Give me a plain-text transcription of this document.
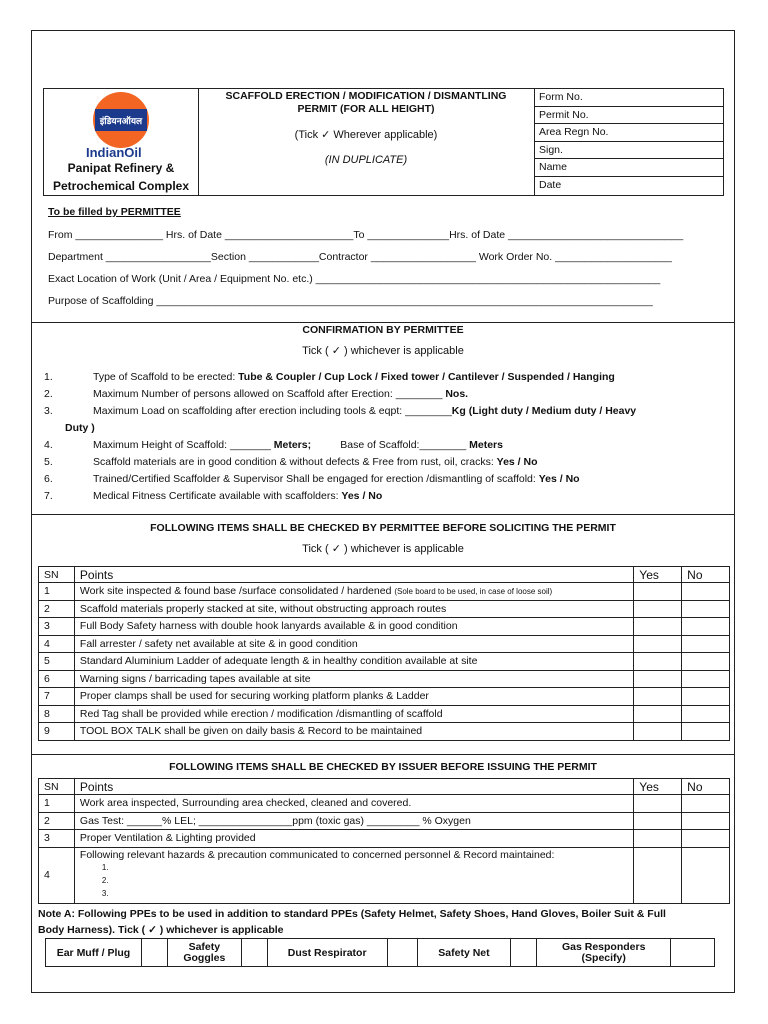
इंडियनऑयल
IndianOil
Panipat Refinery &
Petrochemical Complex
SCAFFOLD ERECTION / MODIFICATION / DISMANTLING
PERMIT (FOR ALL HEIGHT)
(Tick ✓ Wherever applicable)
(IN DUPLICATE)
Form No.
Permit No.
Area Regn No.
Sign.
Name
Date
To be filled by PERMITTEE
From _______________ Hrs. of Date ______________________To ______________Hrs. of Date ______________________________
Department __________________Section ____________Contractor __________________ Work Order No. ____________________
Exact Location of Work (Unit / Area / Equipment No. etc.) ___________________________________________________________
Purpose of Scaffolding _____________________________________________________________________________________
CONFIRMATION BY PERMITTEE
Tick ( ✓ ) whichever is applicable
1.	Type of Scaffold to be erected: Tube & Coupler / Cup Lock / Fixed tower / Cantilever / Suspended / Hanging
2.	Maximum Number of persons allowed on Scaffold after Erection: ________ Nos.
3.	Maximum Load on scaffolding after erection including tools & eqpt: ________Kg (Light duty / Medium duty / Heavy
Duty )
4.	Maximum Height of Scaffold: _______ Meters;          Base of Scaffold:________ Meters
5.	Scaffold materials are in good condition & without defects & Free from rust, oil, cracks: Yes / No
6.	Trained/Certified Scaffolder & Supervisor Shall be engaged for erection /dismantling of scaffold: Yes / No
7.	Medical Fitness Certificate available with scaffolders: Yes / No
FOLLOWING ITEMS SHALL BE CHECKED BY PERMITTEE BEFORE SOLICITING THE PERMIT
Tick ( ✓ ) whichever is applicable
SN	Points	Yes	No
1	Work site inspected & found base /surface consolidated / hardened (Sole board to be used, in case of loose soil)		
2	Scaffold materials properly stacked at site, without obstructing approach routes		
3	Full Body Safety harness with double hook lanyards available & in good condition		
4	Fall arrester / safety net available at site & in good condition		
5	Standard Aluminium Ladder of adequate length & in healthy condition available at site		
6	Warning signs / barricading tapes available at site		
7	Proper clamps shall be used for securing working platform planks & Ladder		
8	Red Tag shall be provided while erection / modification /dismantling of scaffold		
9	TOOL BOX TALK shall be given on daily basis & Record to be maintained		
FOLLOWING ITEMS SHALL BE CHECKED BY ISSUER BEFORE ISSUING THE PERMIT
SN	Points	Yes	No
1	Work area inspected, Surrounding area checked, cleaned and covered.		
2	Gas Test: ______% LEL; ________________ppm (toxic gas) _________ % Oxygen		
3	Proper Ventilation & Lighting provided		
4	Following relevant hazards & precaution communicated to concerned personnel & Record maintained:
1.
2.
3.		

Note A: Following PPEs to be used in addition to standard PPEs (Safety Helmet, Safety Shoes, Hand Gloves, Boiler Suit & Full
Body Harness). Tick ( ✓ ) whichever is applicable
Ear Muff / Plug		Safety Goggles		Dust Respirator		Safety Net		Gas Responders (Specify)	
